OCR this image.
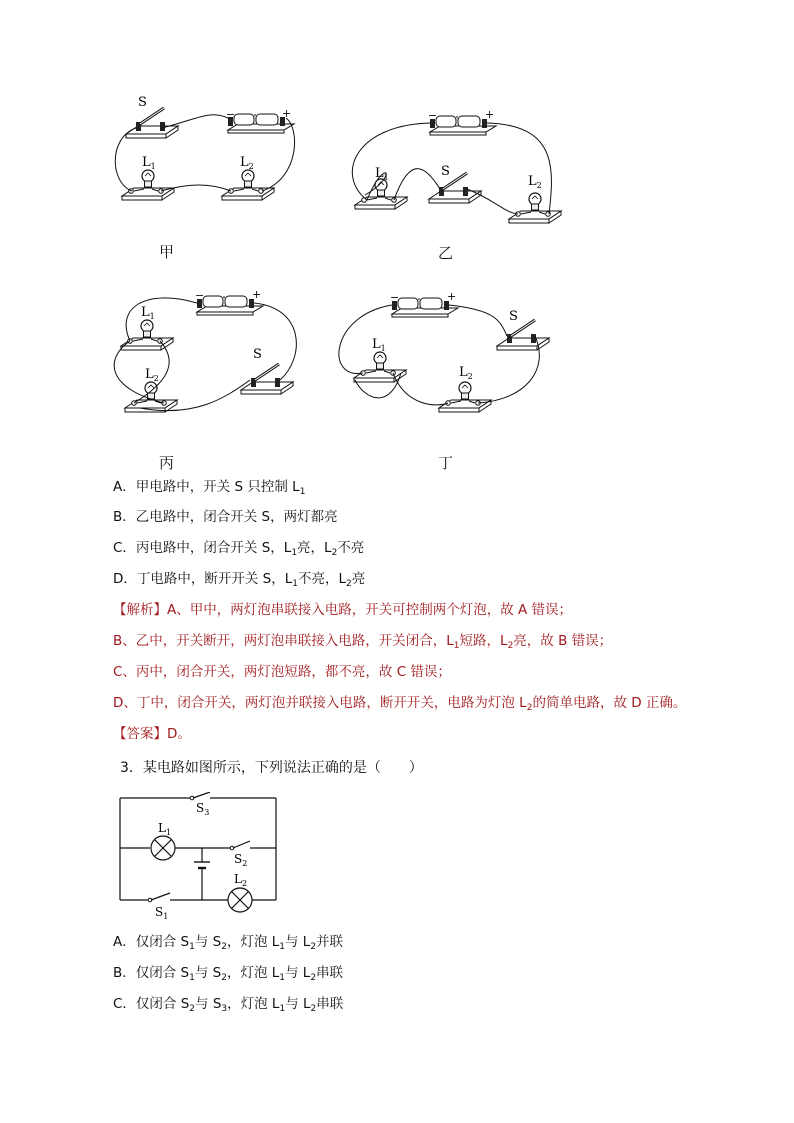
S
$L_1$	$L_2$
−	+
甲
S
$L_1$	$L_2$
−	+
乙
S
$L_1$
$L_2$
−	+
丙
S
$L_1$
$L_2$
−	+
丁
A．甲电路中，开关 S 只控制 $L_1$
B．乙电路中，闭合开关 S，两灯都亮
C．丙电路中，闭合开关 S，$L_1$亮，$L_2$不亮
D．丁电路中，断开开关 S，$L_1$不亮，$L_2$亮
【解析】A、甲中，两灯泡串联接入电路，开关可控制两个灯泡，故 A 错误；
B、乙中，开关断开，两灯泡串联接入电路，开关闭合，$L_1$短路，$L_2$亮，故 B 错误；
C、丙中，闭合开关，两灯泡短路，都不亮，故 C 错误；
D、丁中，闭合开关，两灯泡并联接入电路，断开开关，电路为灯泡 $L_2$的简单电路，故 D 正确。
【答案】D。
3．某电路如图所示，下列说法正确的是（　　）
$S_3$
$L_1$
$S_2$
$L_2$
$S_1$
A．仅闭合 $S_1$与 $S_2$，灯泡 $L_1$与 $L_2$并联
B．仅闭合 $S_1$与 $S_2$，灯泡 $L_1$与 $L_2$串联
C．仅闭合 $S_2$与 $S_3$，灯泡 $L_1$与 $L_2$串联
